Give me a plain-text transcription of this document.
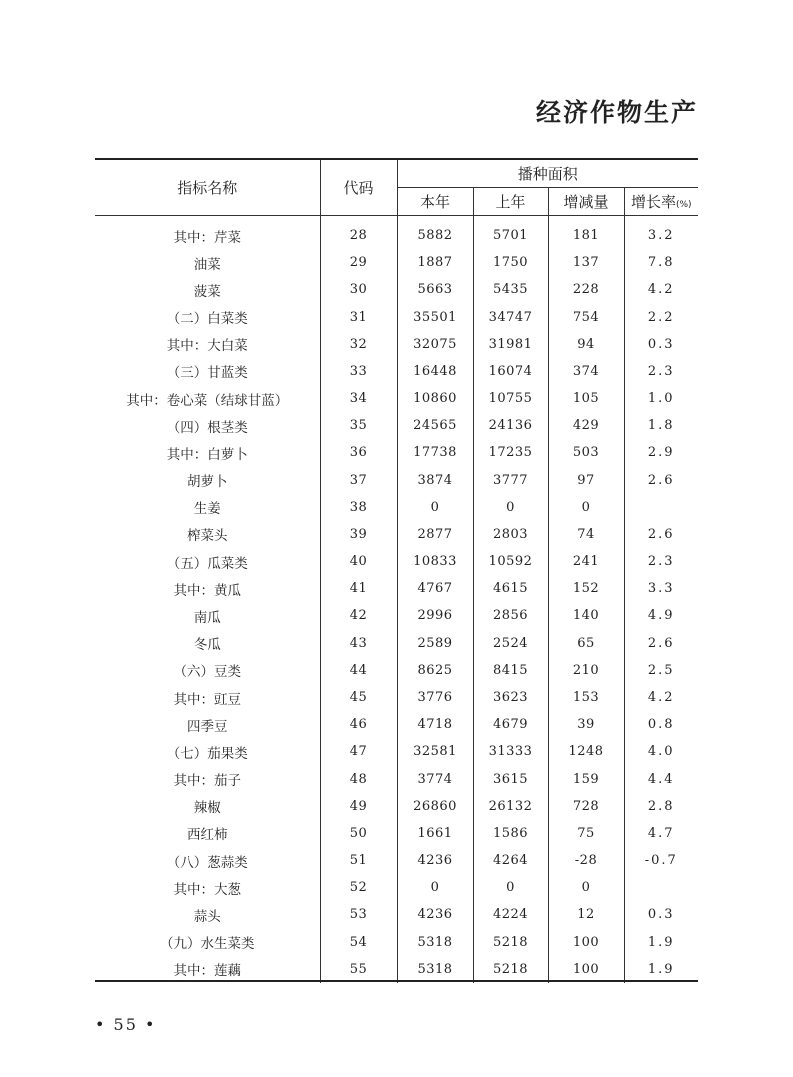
经济作物生产
指标名称	代码	播种面积			
		本年	上年	增减量	增长率(%)

其中：芹菜	28	5882	5701	181	3.2
油菜	29	1887	1750	137	7.8
菠菜	30	5663	5435	228	4.2
（二）白菜类	31	35501	34747	754	2.2
其中：大白菜	32	32075	31981	94	0.3
（三）甘蓝类	33	16448	16074	374	2.3
其中：卷心菜（结球甘蓝）	34	10860	10755	105	1.0
（四）根茎类	35	24565	24136	429	1.8
其中：白萝卜	36	17738	17235	503	2.9
胡萝卜	37	3874	3777	97	2.6
生姜	38	0	0	0	
榨菜头	39	2877	2803	74	2.6
（五）瓜菜类	40	10833	10592	241	2.3
其中：黄瓜	41	4767	4615	152	3.3
南瓜	42	2996	2856	140	4.9
冬瓜	43	2589	2524	65	2.6
（六）豆类	44	8625	8415	210	2.5
其中：豇豆	45	3776	3623	153	4.2
四季豆	46	4718	4679	39	0.8
（七）茄果类	47	32581	31333	1248	4.0
其中：茄子	48	3774	3615	159	4.4
辣椒	49	26860	26132	728	2.8
西红柿	50	1661	1586	75	4.7
（八）葱蒜类	51	4236	4264	-28	-0.7
其中：大葱	52	0	0	0	
蒜头	53	4236	4224	12	0.3
（九）水生菜类	54	5318	5218	100	1.9
其中：莲藕	55	5318	5218	100	1.9
• 55 •
